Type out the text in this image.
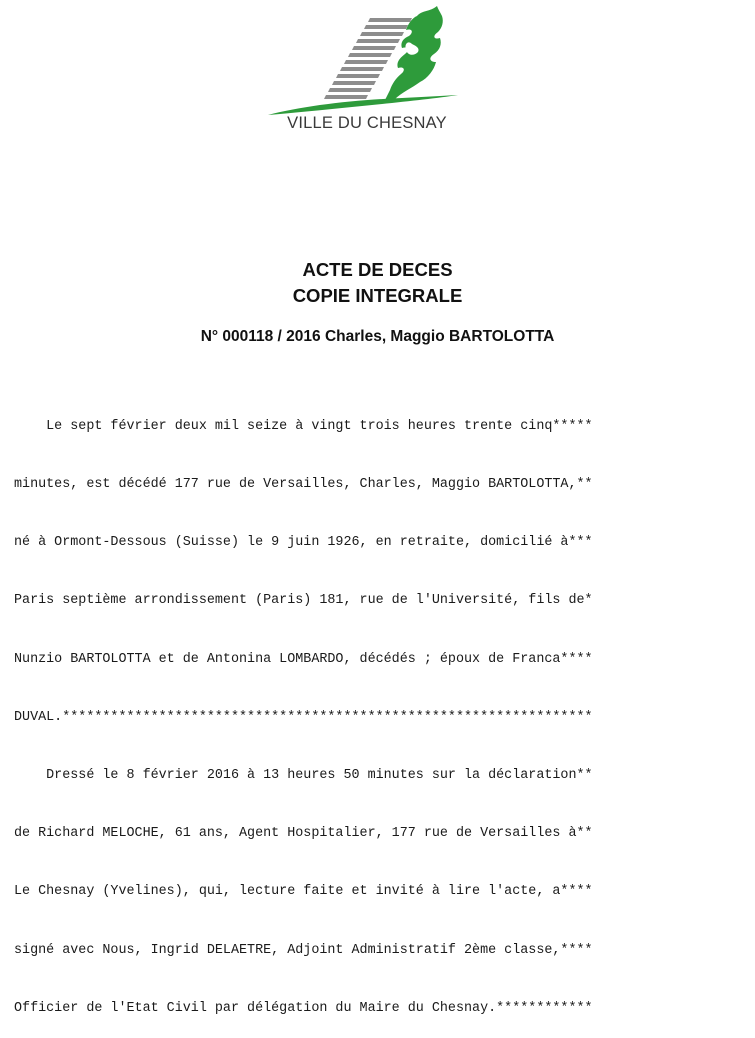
VILLE DU CHESNAY
ACTE DE DECES
COPIE INTEGRALE
N° 000118 / 2016 Charles, Maggio BARTOLOTTA

Le sept février deux mil seize à vingt trois heures trente cinq*****

minutes, est décédé 177 rue de Versailles, Charles, Maggio BARTOLOTTA,**

né à Ormont-Dessous (Suisse) le 9 juin 1926, en retraite, domicilié à***

Paris septième arrondissement (Paris) 181, rue de l'Université, fils de*

Nunzio BARTOLOTTA et de Antonina LOMBARDO, décédés ; époux de Franca****

DUVAL.******************************************************************

Dressé le 8 février 2016 à 13 heures 50 minutes sur la déclaration**

de Richard MELOCHE, 61 ans, Agent Hospitalier, 177 rue de Versailles à**

Le Chesnay (Yvelines), qui, lecture faite et invité à lire l'acte, a****

signé avec Nous, Ingrid DELAETRE, Adjoint Administratif 2ème classe,****

Officier de l'Etat Civil par délégation du Maire du Chesnay.************
